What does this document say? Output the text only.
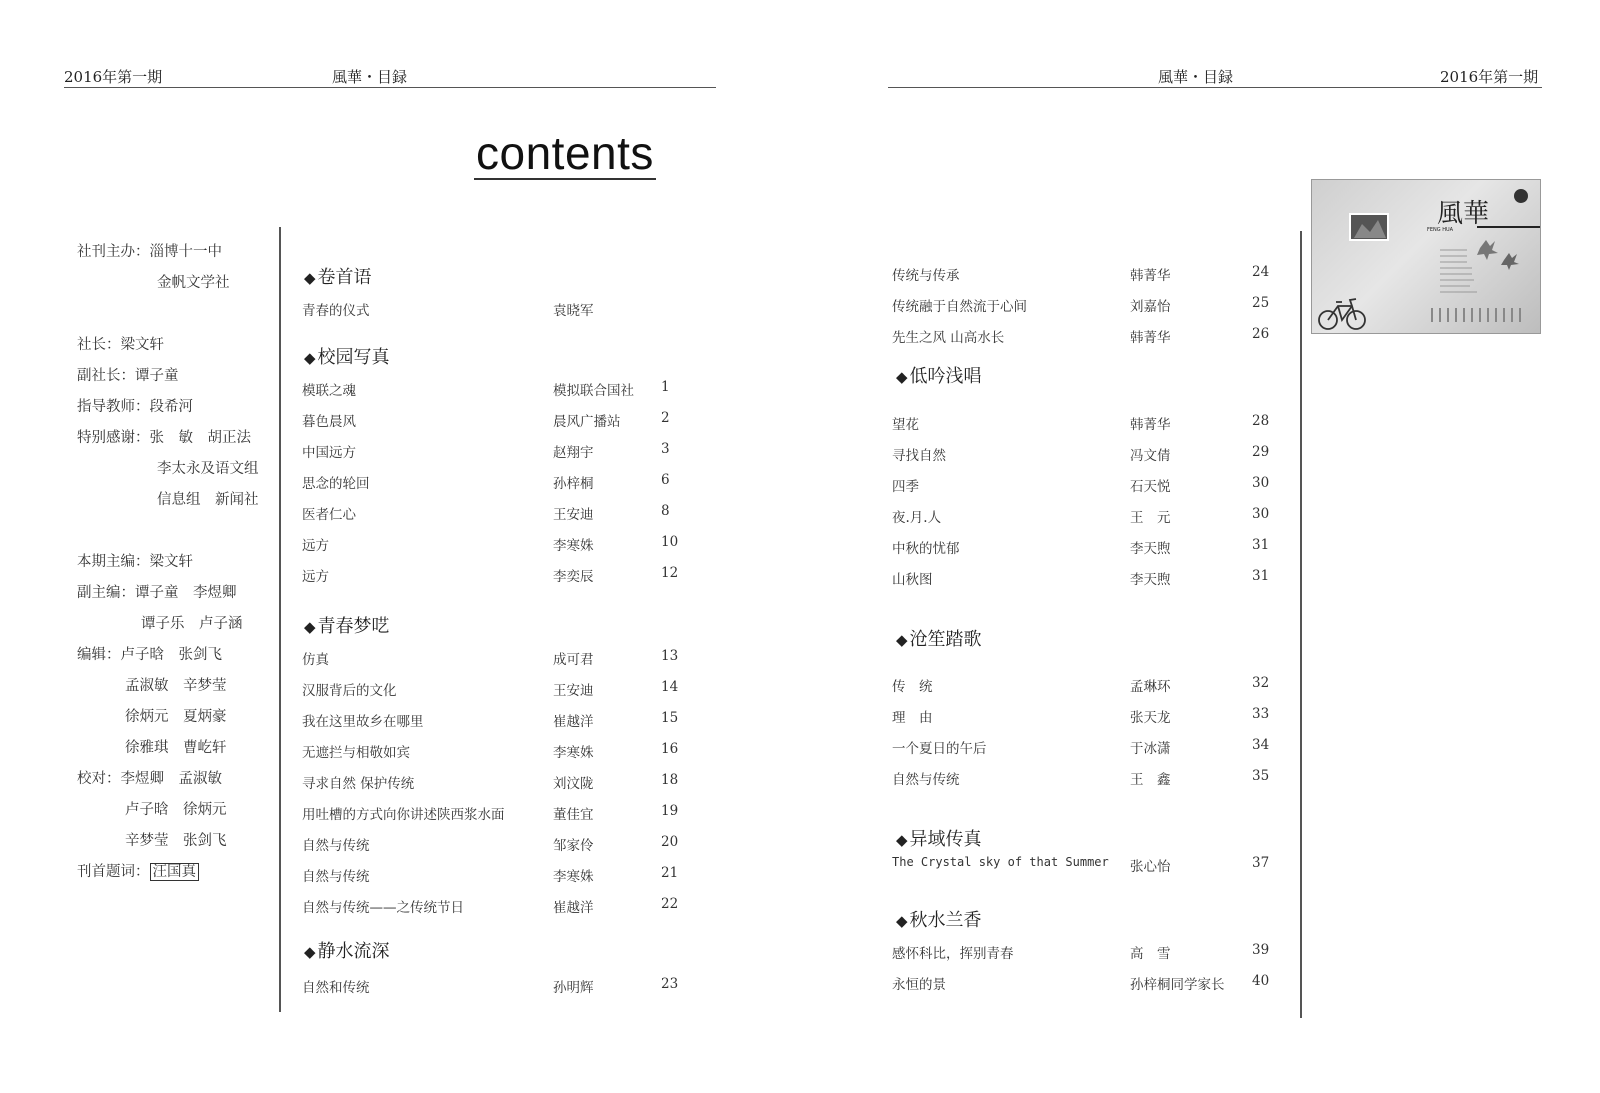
2016年第一期	風華・目録	風華・目録	2016年第一期
contents
社刊主办：淄博十一中
金帆文学社
社长：梁文轩
副社长：谭子童
指导教师：段希河
特别感谢：张　敏　胡正法
李太永及语文组
信息组　新闻社
本期主编：梁文轩
副主编：谭子童　李煜卿
谭子乐　卢子涵
编辑：卢子晗　张剑飞
孟淑敏　辛梦莹
徐炳元　夏炳豪
徐雅琪　曹屹轩
校对：李煜卿　孟淑敏
卢子晗　徐炳元
辛梦莹　张剑飞
刊首题词： 汪国真
風華
FENG HUA
◆ 卷首语
青春的仪式	袁晓军
◆ 校园写真
模联之魂	模拟联合国社 1
暮色晨风	晨风广播站	2
中国远方	赵翔宇	3
思念的轮回	孙梓桐	6
医者仁心	王安迪	8
远方	李寒姝	10
远方	李奕辰	12
◆ 青春梦呓
仿真	成可君	13
汉服背后的文化	王安迪	14
我在这里故乡在哪里	崔越洋	15
无遮拦与相敬如宾	李寒姝	16
寻求自然 保护传统	刘汶陇	18
用吐槽的方式向你讲述陕西浆水面	董佳宜	19
自然与传统	邹家伶	20
自然与传统	李寒姝	21
自然与传统——之传统节日	崔越洋	22
◆ 静水流深
自然和传统	孙明辉	23
传统与传承	韩菁华	24
传统融于自然流于心间	刘嘉怡	25
先生之风 山高水长	韩菁华	26
◆ 低吟浅唱
望花	韩菁华	28
寻找自然	冯文倩	29
四季	石天悦	30
夜.月.人	王　元	30
中秋的忧郁	李天煦	31
山秋图	李天煦	31
◆ 沧笙踏歌
传　统	孟琳环	32
理　由	张天龙	33
一个夏日的午后	于冰潇	34
自然与传统	王　鑫	35
◆ 异域传真
The Crystal sky of that Summer 张心怡	37
◆ 秋水兰香
感怀科比，挥别青春	高　雪	39
永恒的景	孙梓桐同学家长 40
